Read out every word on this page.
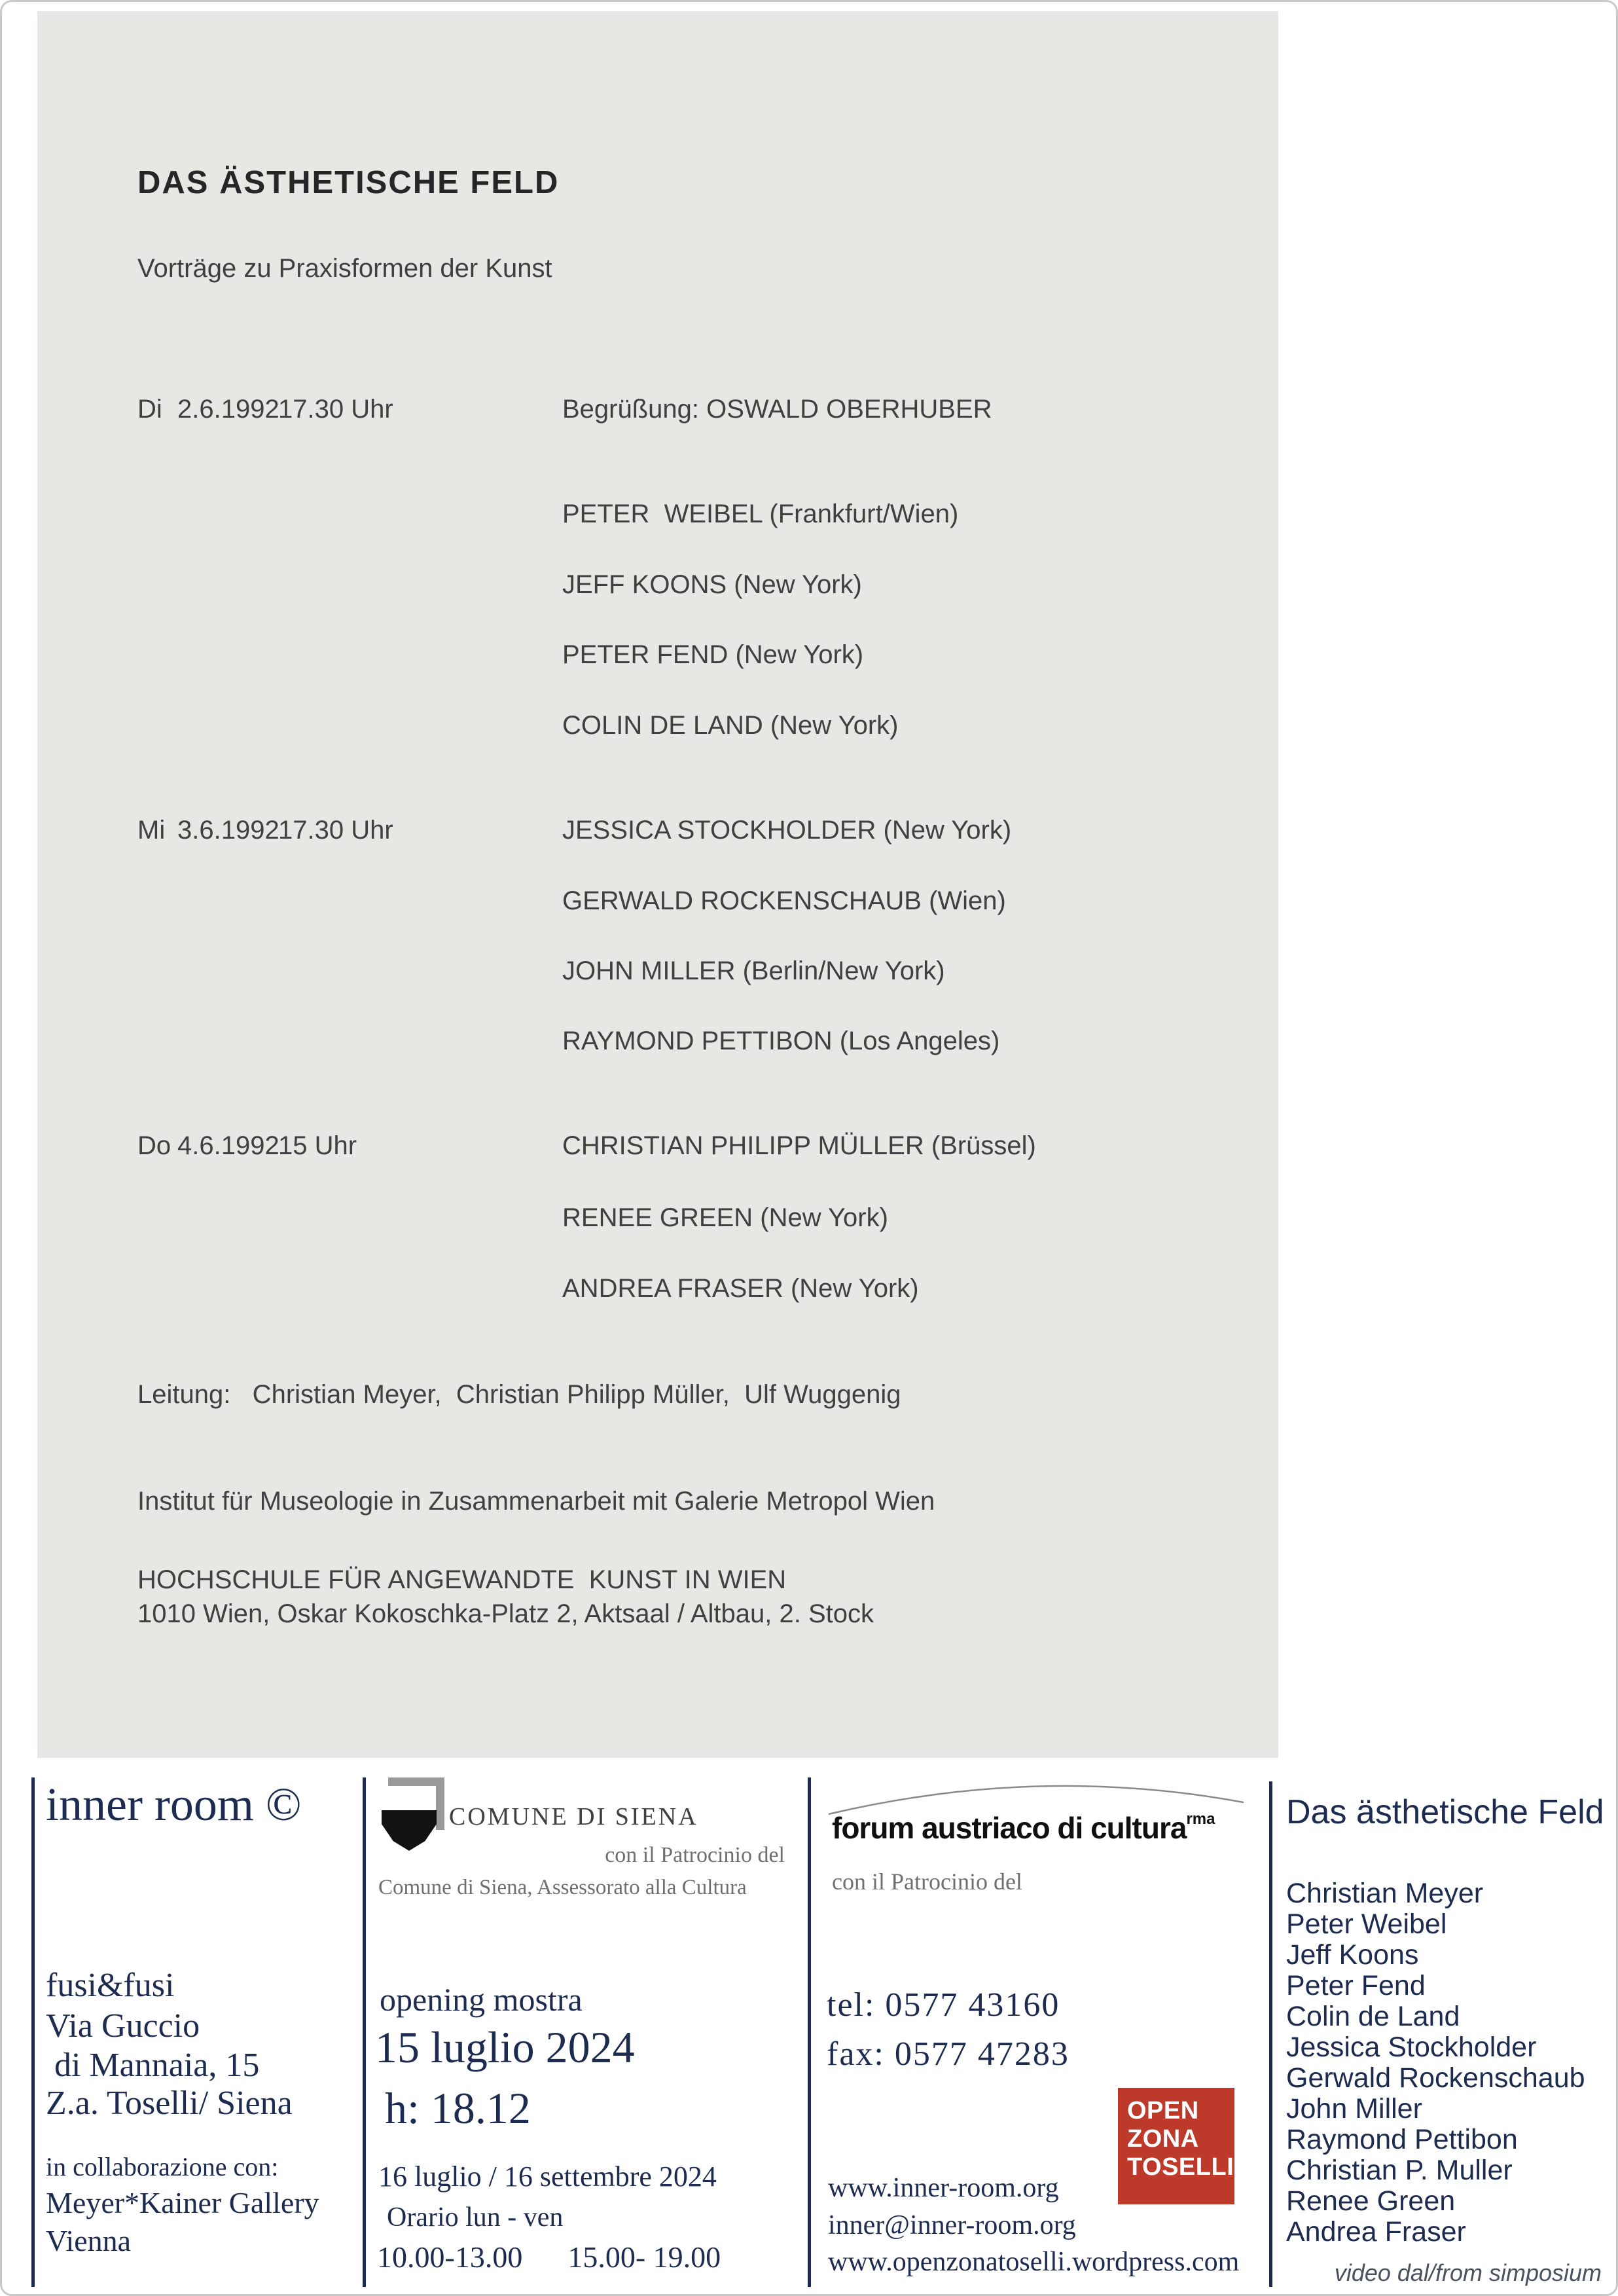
DAS ÄSTHETISCHE FELD
Vorträge zu Praxisformen der Kunst
Di 2.6.1992
17.30 Uhr	Begrüßung: OSWALD OBERHUBER
PETER  WEIBEL (Frankfurt/Wien)
JEFF KOONS (New York)
PETER FEND (New York)
COLIN DE LAND (New York)
Mi 3.6.1992
17.30 Uhr	JESSICA STOCKHOLDER (New York)
GERWALD ROCKENSCHAUB (Wien)
JOHN MILLER (Berlin/New York)
RAYMOND PETTIBON (Los Angeles)
Do 4.6.1992
15 Uhr	CHRISTIAN PHILIPP MÜLLER (Brüssel)
RENEE GREEN (New York)
ANDREA FRASER (New York)
Leitung:   Christian Meyer,  Christian Philipp Müller,  Ulf Wuggenig
Institut für Museologie in Zusammenarbeit mit Galerie Metropol Wien
HOCHSCHULE FÜR ANGEWANDTE  KUNST IN WIEN
1010 Wien, Oskar Kokoschka-Platz 2, Aktsaal / Altbau, 2. Stock
inner room ©
fusi&fusi
Via Guccio
di Mannaia, 15
Z.a. Toselli/ Siena
in collaborazione con:
Meyer*Kainer Gallery
Vienna
COMUNE DI SIENA
con il Patrocinio del
Comune di Siena, Assessorato alla Cultura
opening mostra
15 luglio 2024
h: 18.12
16 luglio / 16 settembre 2024
Orario lun - ven
10.00-13.00      15.00- 19.00
forum austriaco di cultura$^{rma}$
con il Patrocinio del
tel: 0577 43160
fax: 0577 47283
OPEN
ZONA
TOSELLI
www.inner-room.org
inner@inner-room.org
www.openzonatoselli.wordpress.com
Das ästhetische Feld
Christian Meyer
Peter Weibel
Jeff Koons
Peter Fend
Colin de Land
Jessica Stockholder
Gerwald Rockenschaub
John Miller
Raymond Pettibon
Christian P. Muller
Renee Green
Andrea Fraser
video dal/from simposium
